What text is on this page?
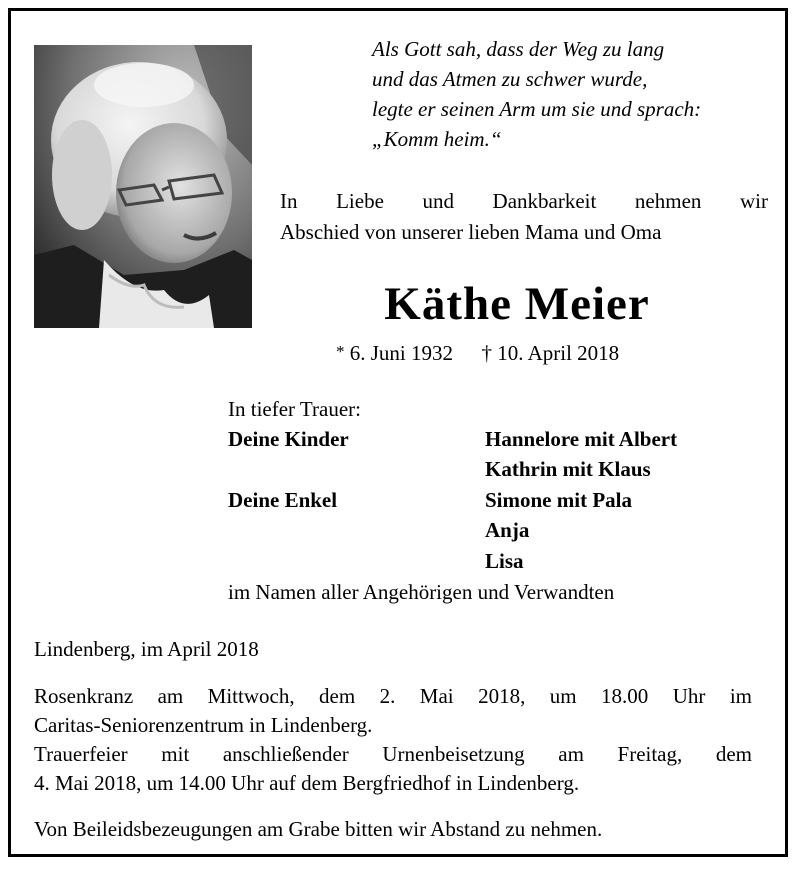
Als Gott sah, dass der Weg zu lang
und das Atmen zu schwer wurde,
legte er seinen Arm um sie und sprach:
„Komm heim.“
In Liebe und Dankbarkeit nehmen wir
Abschied von unserer lieben Mama und Oma
Käthe Meier
* 6. Juni 1932 † 10. April 2018
In tiefer Trauer:
Deine Kinder	Hannelore mit Albert
Kathrin mit Klaus
Deine Enkel	Simone mit Pala
Anja
Lisa
im Namen aller Angehörigen und Verwandten
Lindenberg, im April 2018
Rosenkranz am Mittwoch, dem 2. Mai 2018, um 18.00 Uhr im
Caritas-Seniorenzentrum in Lindenberg.
Trauerfeier mit anschließender Urnenbeisetzung am Freitag, dem
4. Mai 2018, um 14.00 Uhr auf dem Bergfriedhof in Lindenberg.
Von Beileidsbezeugungen am Grabe bitten wir Abstand zu nehmen.
